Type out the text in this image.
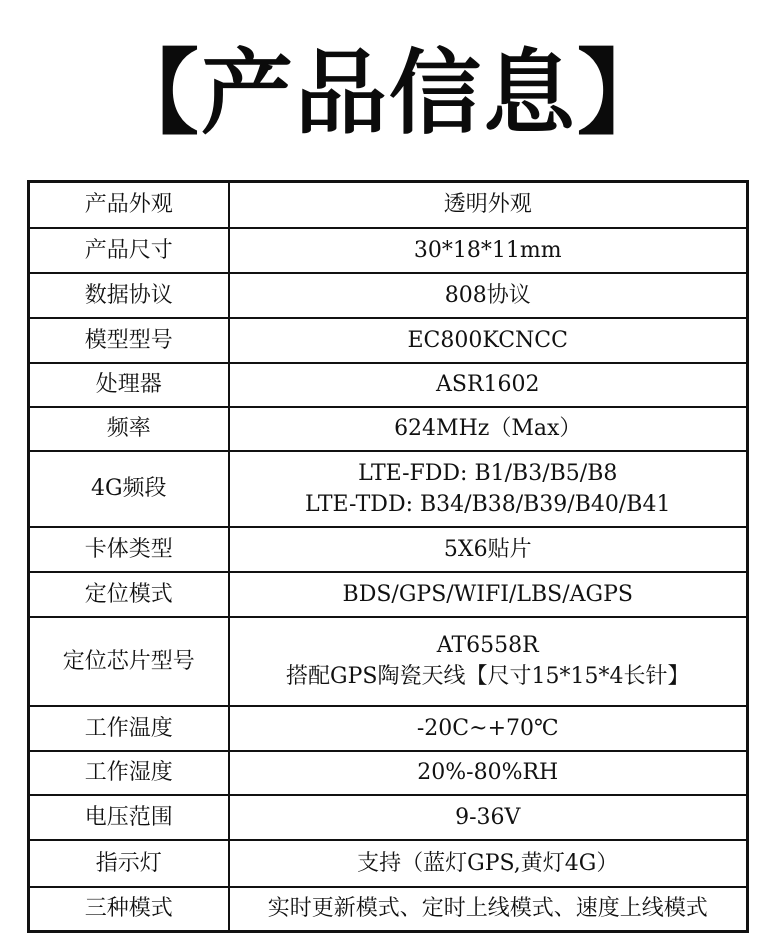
【产品信息】
产品外观	透明外观

产品尺寸	30*18*11mm

数据协议	808协议

模型型号	EC800KCNCC

处理器	ASR1602

频率	624MHz（Max）

4G频段	LTE-FDD: B1/B3/B5/B8
LTE-TDD: B34/B38/B39/B40/B41

卡体类型	5X6贴片

定位模式	BDS/GPS/WIFI/LBS/AGPS

定位芯片型号	AT6558R
搭配GPS陶瓷天线【尺寸15*15*4长针】

工作温度	-20C~+70℃

工作湿度	20%-80%RH

电压范围	9-36V

指示灯	支持（蓝灯GPS,黄灯4G）

三种模式	实时更新模式、定时上线模式、速度上线模式
